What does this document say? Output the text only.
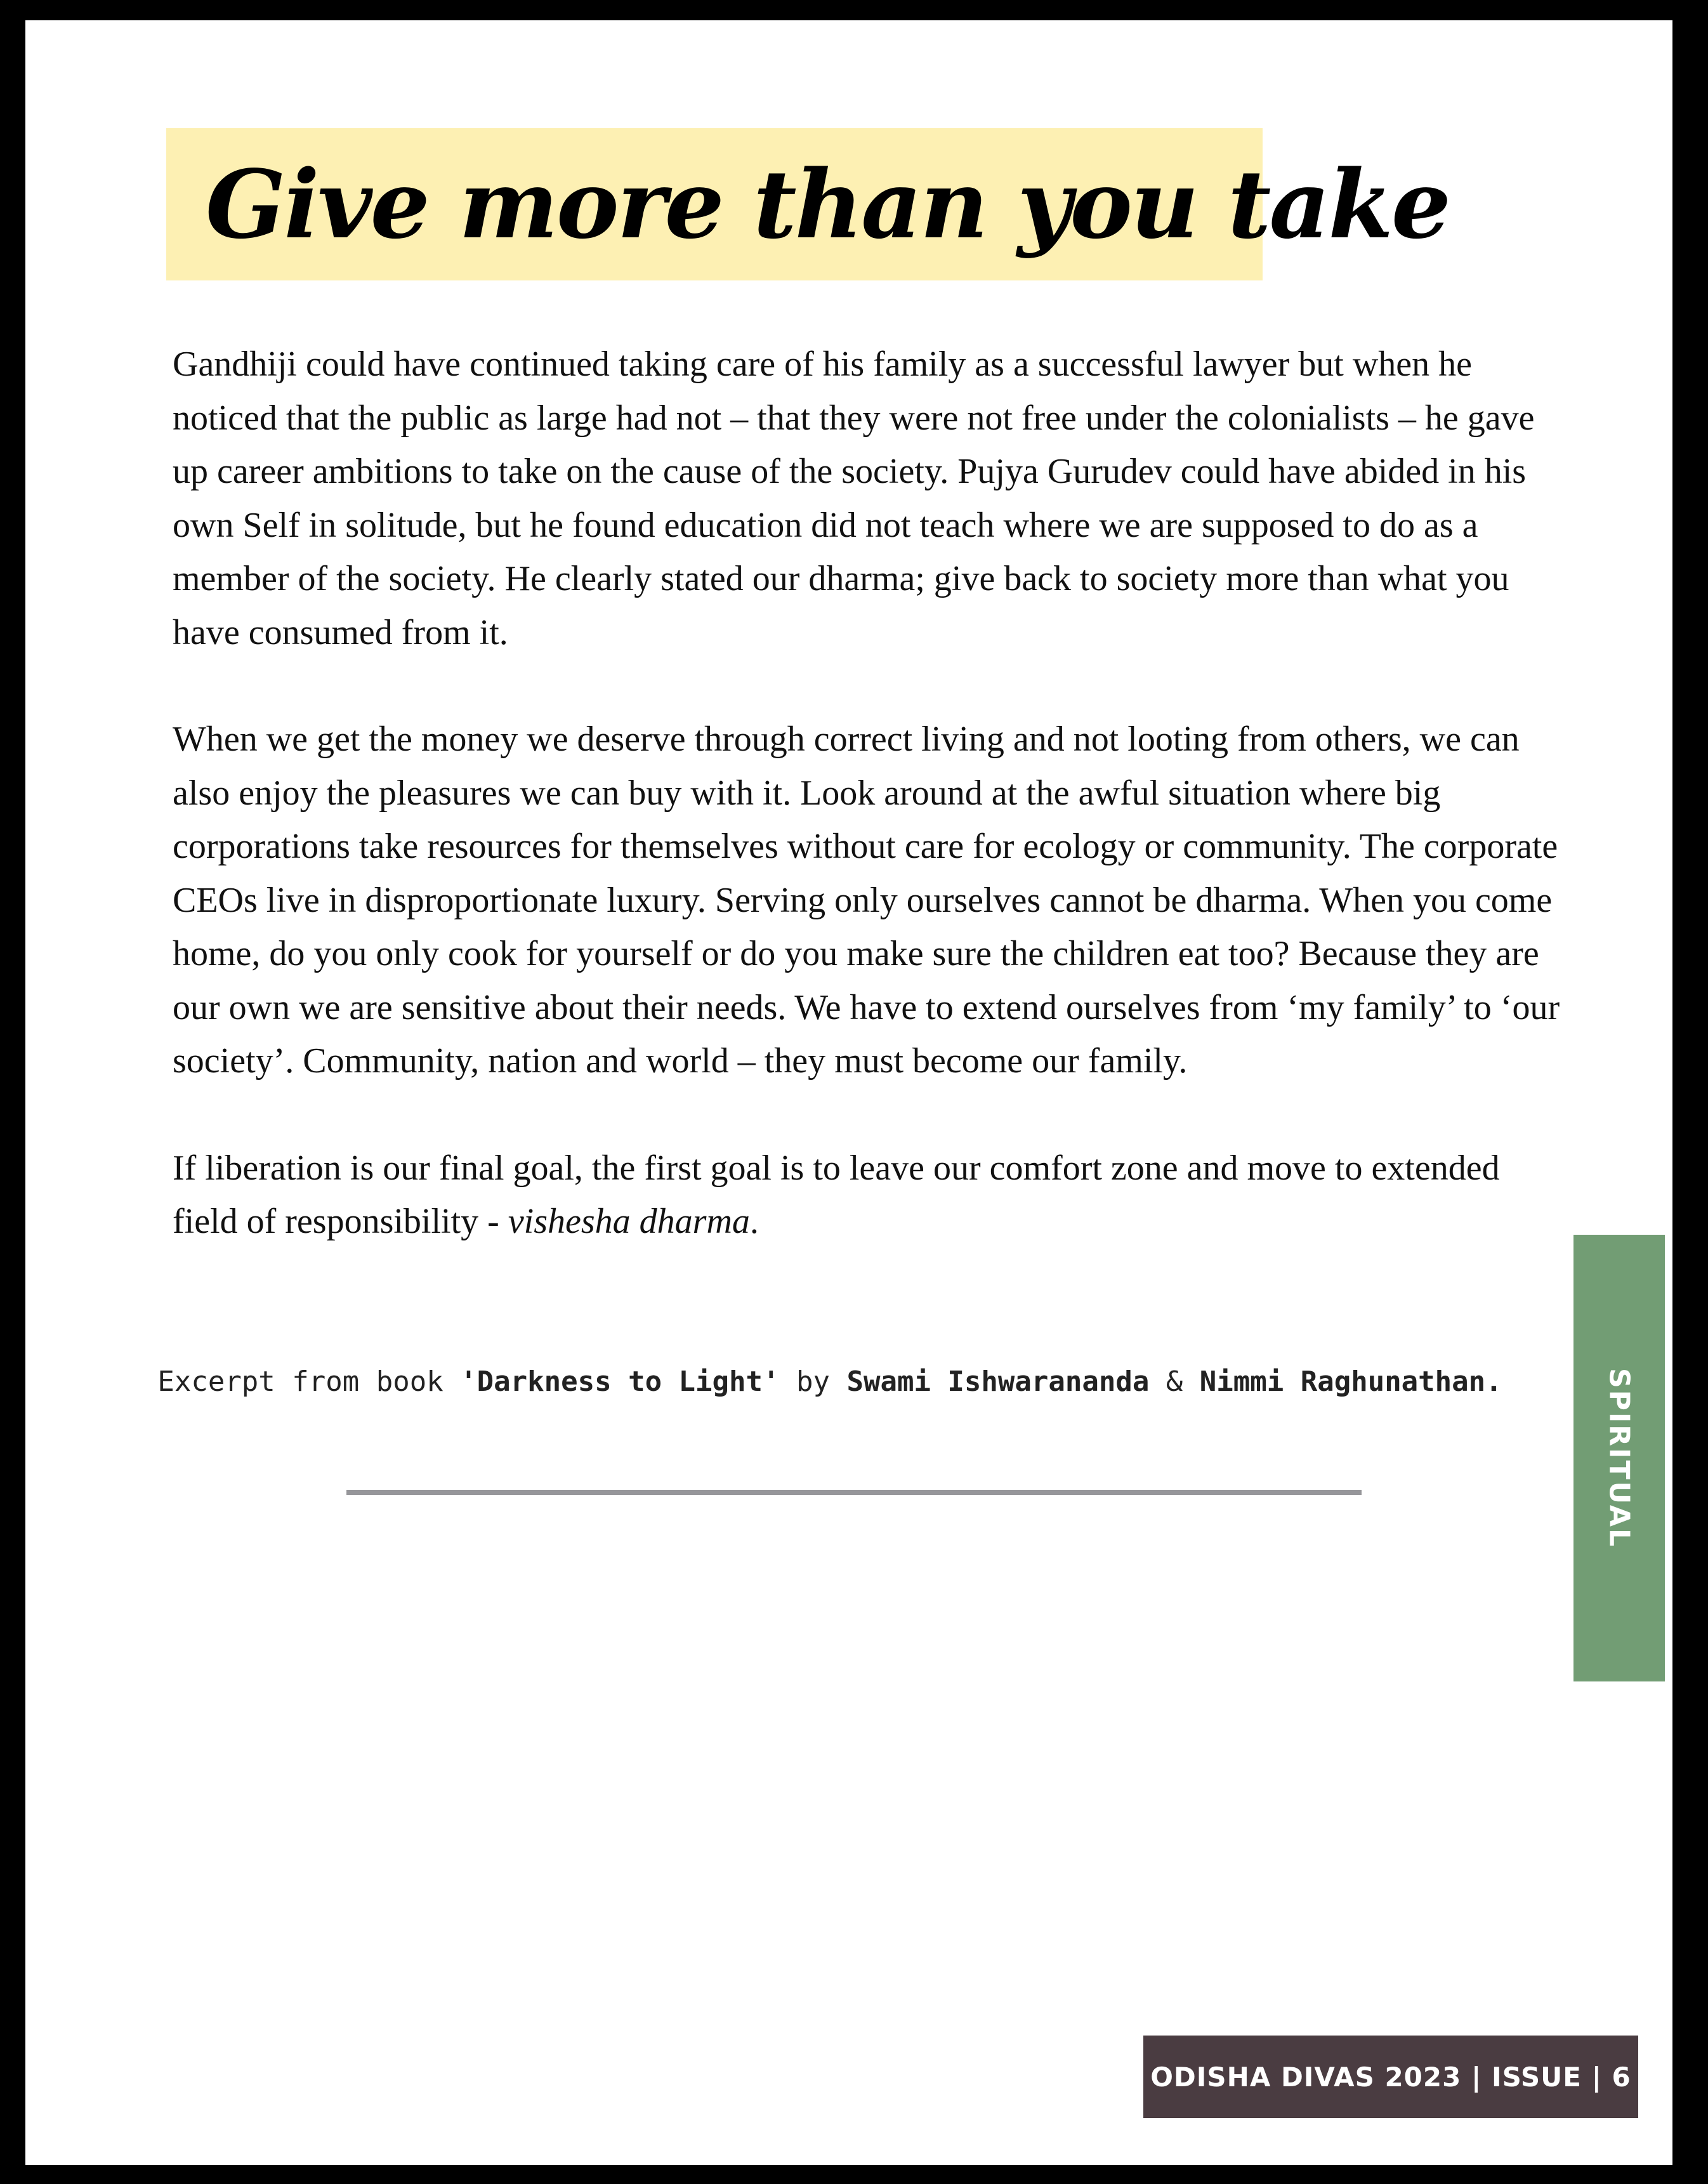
Give more than you take

Gandhiji could have continued taking care of his family as a successful lawyer but when he noticed that the public as large had not – that they were not free under the colonialists – he gave up career ambitions to take on the cause of the society. Pujya Gurudev could have abided in his own Self in solitude, but he found education did not teach where we are supposed to do as a member of the society. He clearly stated our dharma; give back to society more than what you have consumed from it.

When we get the money we deserve through correct living and not looting from others, we can also enjoy the pleasures we can buy with it. Look around at the awful situation where big corporations take resources for themselves without care for ecology or community. The corporate CEOs live in disproportionate luxury. Serving only ourselves cannot be dharma. When you come home, do you only cook for yourself or do you make sure the children eat too? Because they are our own we are sensitive about their needs. We have to extend ourselves from ‘my family’ to ‘our society’. Community, nation and world – they must become our family.

If liberation is our final goal, the first goal is to leave our comfort zone and move to extended field of responsibility - vishesha dharma.

Excerpt from book 'Darkness to Light' by Swami Ishwarananda & Nimmi Raghunathan.	SPIRITUAL
ODISHA DIVAS 2023 | ISSUE | 6
